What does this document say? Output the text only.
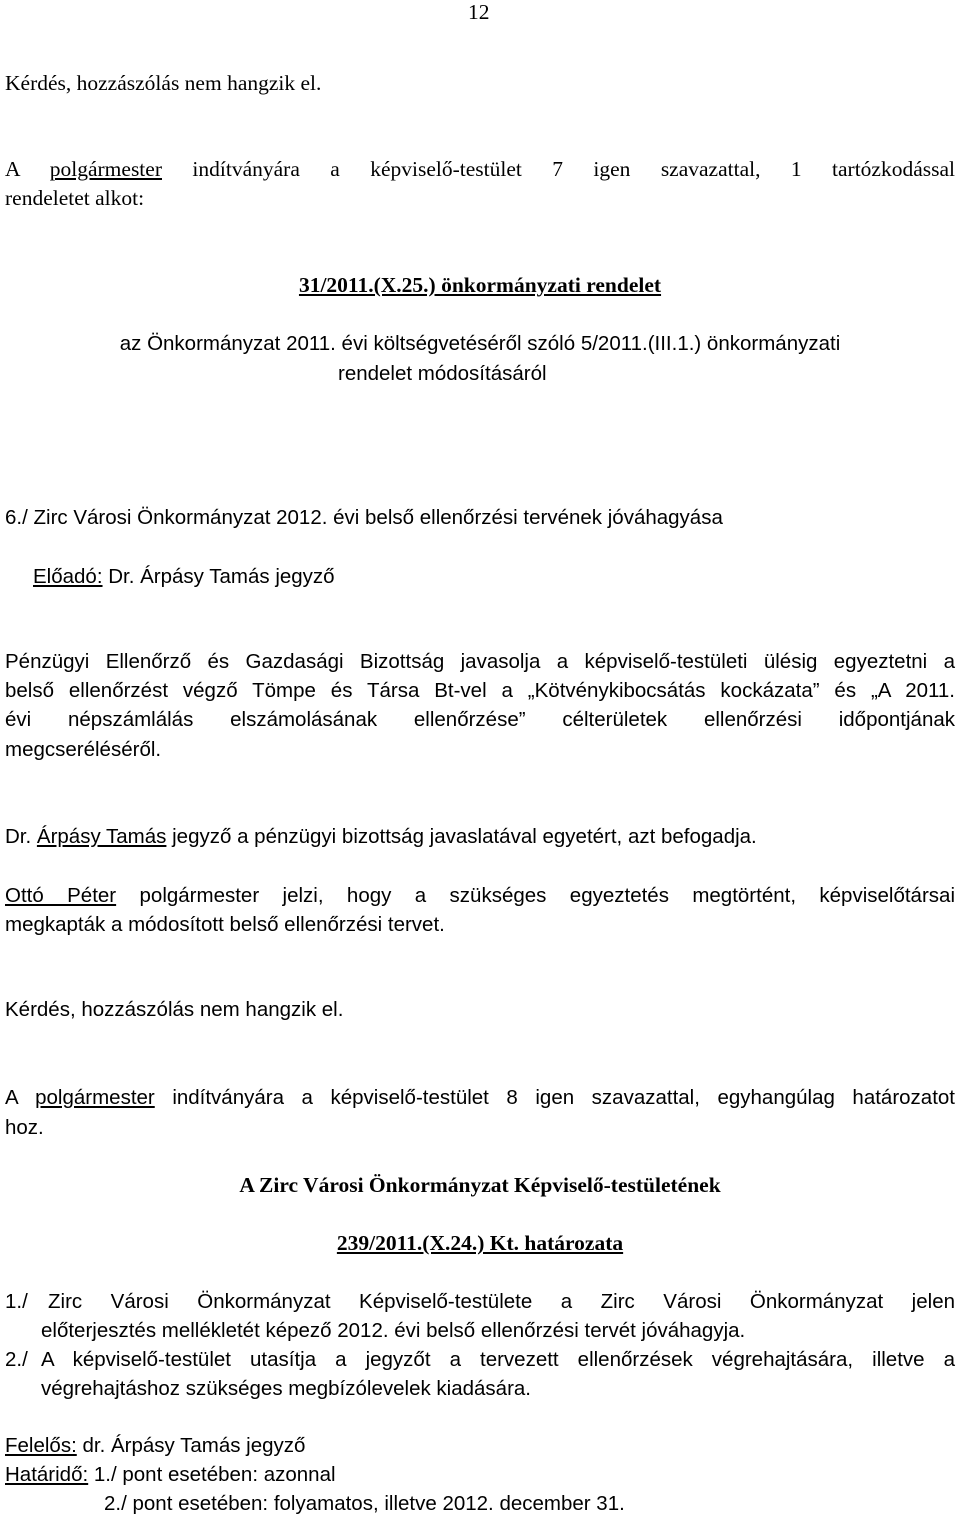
12
Kérdés, hozzászólás nem hangzik el.
A polgármester indítványára a képviselő-testület 7 igen szavazattal, 1 tartózkodással
rendeletet alkot:
31/2011.(X.25.) önkormányzati rendelet
az Önkormányzat 2011. évi költségvetéséről szóló 5/2011.(III.1.) önkormányzati
rendelet módosításáról
6./ Zirc Városi Önkormányzat 2012. évi belső ellenőrzési tervének jóváhagyása
Előadó: Dr. Árpásy Tamás jegyző
Pénzügyi Ellenőrző és Gazdasági Bizottság javasolja a képviselő-testületi ülésig egyeztetni a
belső ellenőrzést végző Tömpe és Társa Bt-vel a „Kötvénykibocsátás kockázata” és „A 2011.
évi népszámlálás elszámolásának ellenőrzése” célterületek ellenőrzési időpontjának
megcseréléséről.
Dr. Árpásy Tamás jegyző a pénzügyi bizottság javaslatával egyetért, azt befogadja.
Ottó Péter polgármester jelzi, hogy a szükséges egyeztetés megtörtént, képviselőtársai
megkapták a módosított belső ellenőrzési tervet.
Kérdés, hozzászólás nem hangzik el.
A polgármester indítványára a képviselő-testület 8 igen szavazattal, egyhangúlag határozatot
hoz.
A Zirc Városi Önkormányzat Képviselő-testületének
239/2011.(X.24.) Kt. határozata
1./ Zirc Városi Önkormányzat Képviselő-testülete a Zirc Városi Önkormányzat jelen
előterjesztés mellékletét képező 2012. évi belső ellenőrzési tervét jóváhagyja.
2./ A képviselő-testület utasítja a jegyzőt a tervezett ellenőrzések végrehajtására, illetve a
végrehajtáshoz szükséges megbízólevelek kiadására.
Felelős: dr. Árpásy Tamás jegyző
Határidő: 1./ pont esetében: azonnal
2./ pont esetében: folyamatos, illetve 2012. december 31.
